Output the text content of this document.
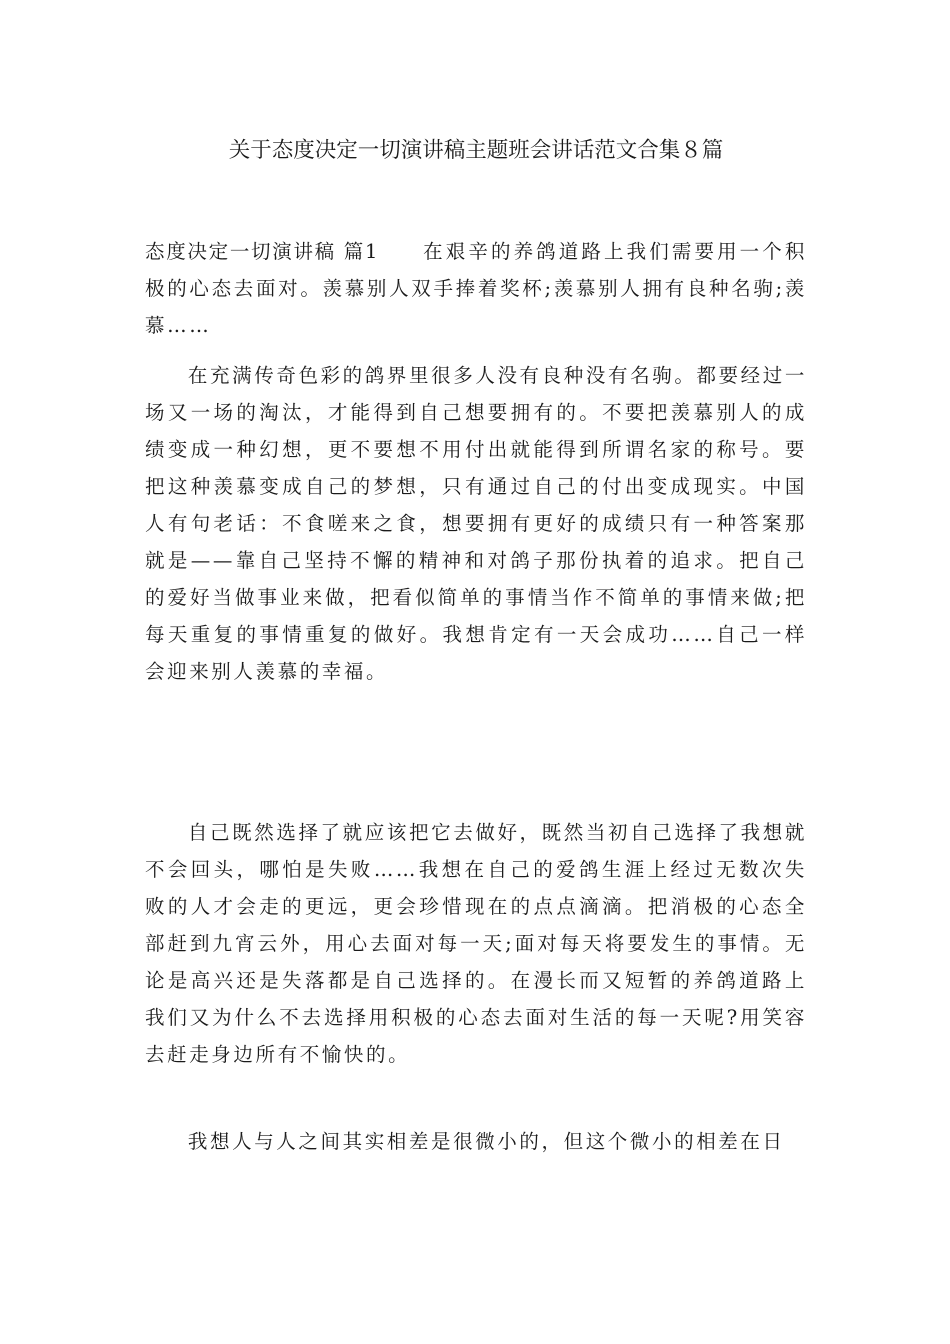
关于态度决定一切演讲稿主题班会讲话范文合集８篇

态度决定一切演讲稿 篇1 在艰辛的养鸽道路上我们需要用一个积极的心态去面对。羡慕别人双手捧着奖杯;羡慕别人拥有良种名驹;羡慕……

在充满传奇色彩的鸽界里很多人没有良种没有名驹。都要经过一场又一场的淘汰，才能得到自己想要拥有的。不要把羡慕别人的成绩变成一种幻想，更不要想不用付出就能得到所谓名家的称号。要把这种羡慕变成自己的梦想，只有通过自己的付出变成现实。中国人有句老话：不食嗟来之食，想要拥有更好的成绩只有一种答案那就是——靠自己坚持不懈的精神和对鸽子那份执着的追求。把自己的爱好当做事业来做，把看似简单的事情当作不简单的事情来做;把每天重复的事情重复的做好。我想肯定有一天会成功……自己一样会迎来别人羡慕的幸福。

自己既然选择了就应该把它去做好，既然当初自己选择了我想就不会回头，哪怕是失败……我想在自己的爱鸽生涯上经过无数次失败的人才会走的更远，更会珍惜现在的点点滴滴。把消极的心态全部赶到九宵云外，用心去面对每一天;面对每天将要发生的事情。无论是高兴还是失落都是自己选择的。在漫长而又短暂的养鸽道路上我们又为什么不去选择用积极的心态去面对生活的每一天呢?用笑容去赶走身边所有不愉快的。

我想人与人之间其实相差是很微小的，但这个微小的相差在日
